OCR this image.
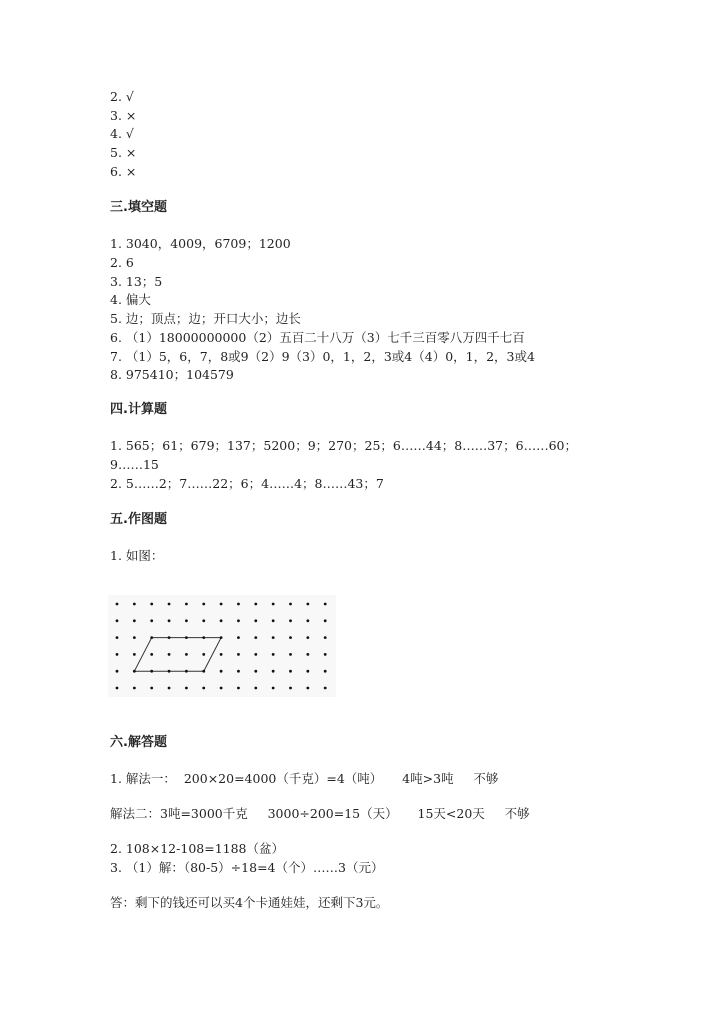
2. √
3. ×
4. √
5. ×
6. ×
三.填空题
1. 3040，4009，6709；1200
2. 6
3. 13；5
4. 偏大
5. 边；顶点；边；开口大小；边长
6. （1）18000000000（2）五百二十八万（3）七千三百零八万四千七百
7. （1）5，6，7，8或9（2）9（3）0，1，2，3或4（4）0，1，2，3或4
8. 975410；104579
四.计算题
1. 565；61；679；137；5200；9；270；25；6……44；8……37；6……60；
9……15
2. 5……2；7……22；6；4……4；8……43；7
五.作图题
1. 如图：
六.解答题
1. 解法一：  200×20=4000（千克）=4（吨）     4吨>3吨     不够
解法二：3吨=3000千克     3000÷200=15（天）     15天<20天     不够
2. 108×12-108=1188（盆）
3. （1）解：（80-5）÷18=4（个）……3（元）
答：剩下的钱还可以买4个卡通娃娃，还剩下3元。
